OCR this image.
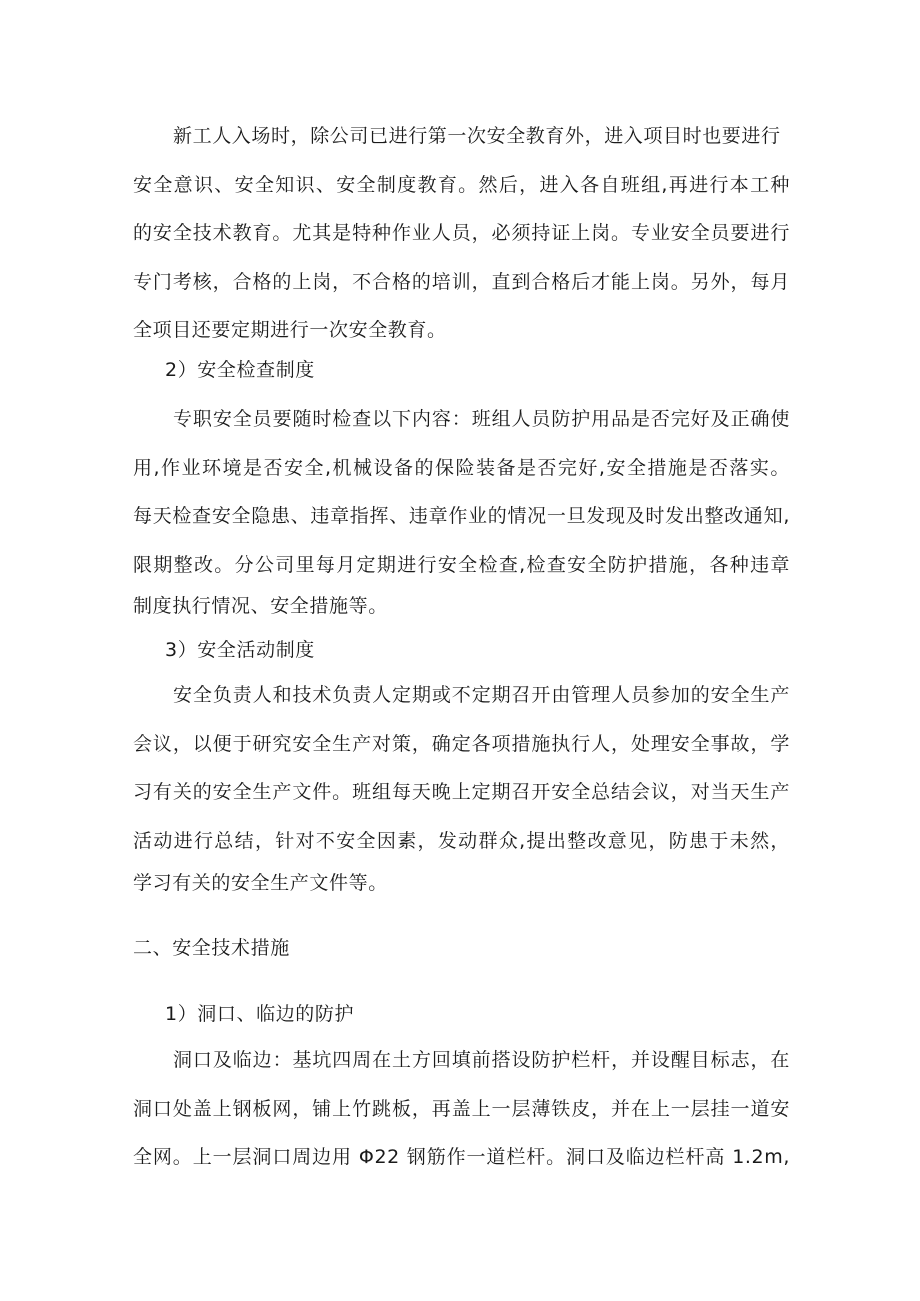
新工人入场时，除公司已进行第一次安全教育外，进入项目时也要进行
安全意识、安全知识、安全制度教育。然后，进入各自班组,再进行本工种
的安全技术教育。尤其是特种作业人员，必须持证上岗。专业安全员要进行
专门考核，合格的上岗，不合格的培训，直到合格后才能上岗。另外，每月
全项目还要定期进行一次安全教育。
2）安全检查制度
专职安全员要随时检查以下内容：班组人员防护用品是否完好及正确使
用,作业环境是否安全,机械设备的保险装备是否完好,安全措施是否落实。
每天检查安全隐患、违章指挥、违章作业的情况一旦发现及时发出整改通知,
限期整改。分公司里每月定期进行安全检查,检查安全防护措施，各种违章
制度执行情况、安全措施等。
3）安全活动制度
安全负责人和技术负责人定期或不定期召开由管理人员参加的安全生产
会议，以便于研究安全生产对策，确定各项措施执行人，处理安全事故，学
习有关的安全生产文件。班组每天晚上定期召开安全总结会议，对当天生产
活动进行总结，针对不安全因素，发动群众,提出整改意见，防患于未然，
学习有关的安全生产文件等。
二、安全技术措施
1）洞口、临边的防护
洞口及临边：基坑四周在土方回填前搭设防护栏杆，并设醒目标志，在
洞口处盖上钢板网，铺上竹跳板，再盖上一层薄铁皮，并在上一层挂一道安
全网。上一层洞口周边用 Φ22 钢筋作一道栏杆。洞口及临边栏杆高 1.2m,
